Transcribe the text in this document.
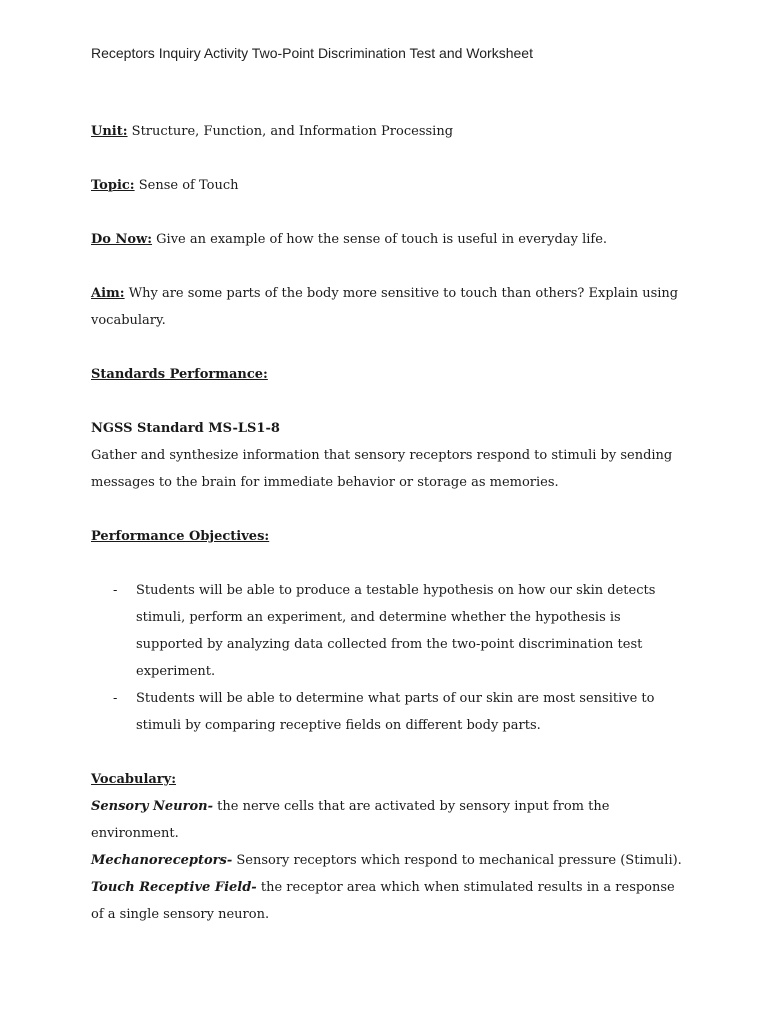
Receptors Inquiry Activity Two-Point Discrimination Test and Worksheet

Unit: Structure, Function, and Information Processing

Topic: Sense of Touch

Do Now: Give an example of how the sense of touch is useful in everyday life.

Aim: Why are some parts of the body more sensitive to touch than others? Explain using vocabulary.

Standards Performance:

NGSS Standard MS-LS1-8

Gather and synthesize information that sensory receptors respond to stimuli by sending messages to the brain for immediate behavior or storage as memories.

Performance Objectives:

- Students will be able to produce a testable hypothesis on how our skin detects stimuli, perform an experiment, and determine whether the hypothesis is supported by analyzing data collected from the two-point discrimination test experiment.
- Students will be able to determine what parts of our skin are most sensitive to stimuli by comparing receptive fields on different body parts.

Vocabulary:

Sensory Neuron- the nerve cells that are activated by sensory input from the environment.

Mechanoreceptors- Sensory receptors which respond to mechanical pressure (Stimuli).

Touch Receptive Field- the receptor area which when stimulated results in a response of a single sensory neuron.
